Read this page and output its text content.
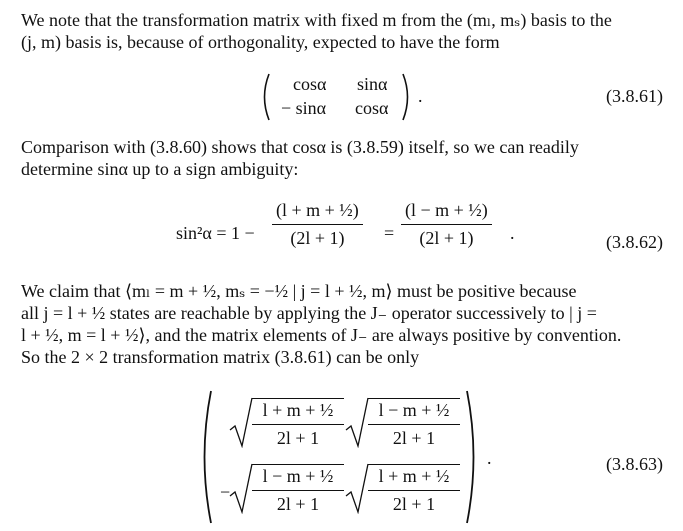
We note that the transformation matrix with fixed m from the (mₗ, mₛ) basis to the
(j, m) basis is, because of orthogonality, expected to have the form
cosα sinα
− sinα cosα
.	(3.8.61)
Comparison with (3.8.60) shows that cosα is (3.8.59) itself, so we can readily
determine sinα up to a sign ambiguity:
$\sin^2\alpha = 1 - \frac{\text{(l + m + ½)}}{(2l + 1)} = \frac{\text{(l − m + ½)}}{(2l + 1)}$ .	(3.8.62)
We claim that ⟨mₗ = m + ½, mₛ = −½ | j = l + ½, m⟩ must be positive because
all j = l + ½ states are reachable by applying the J₋ operator successively to | j =
l + ½, m = l + ½⟩, and the matrix elements of J₋ are always positive by convention.
So the 2 × 2 transformation matrix (3.8.61) can be only
$\frac{\text{l + m + ½}}{2l + 1} \frac{\text{l − m + ½}}{2l + 1}$
− $\frac{\text{l − m + ½}}{2l + 1} \frac{\text{l + m + ½}}{2l + 1}$
.	(3.8.63)
